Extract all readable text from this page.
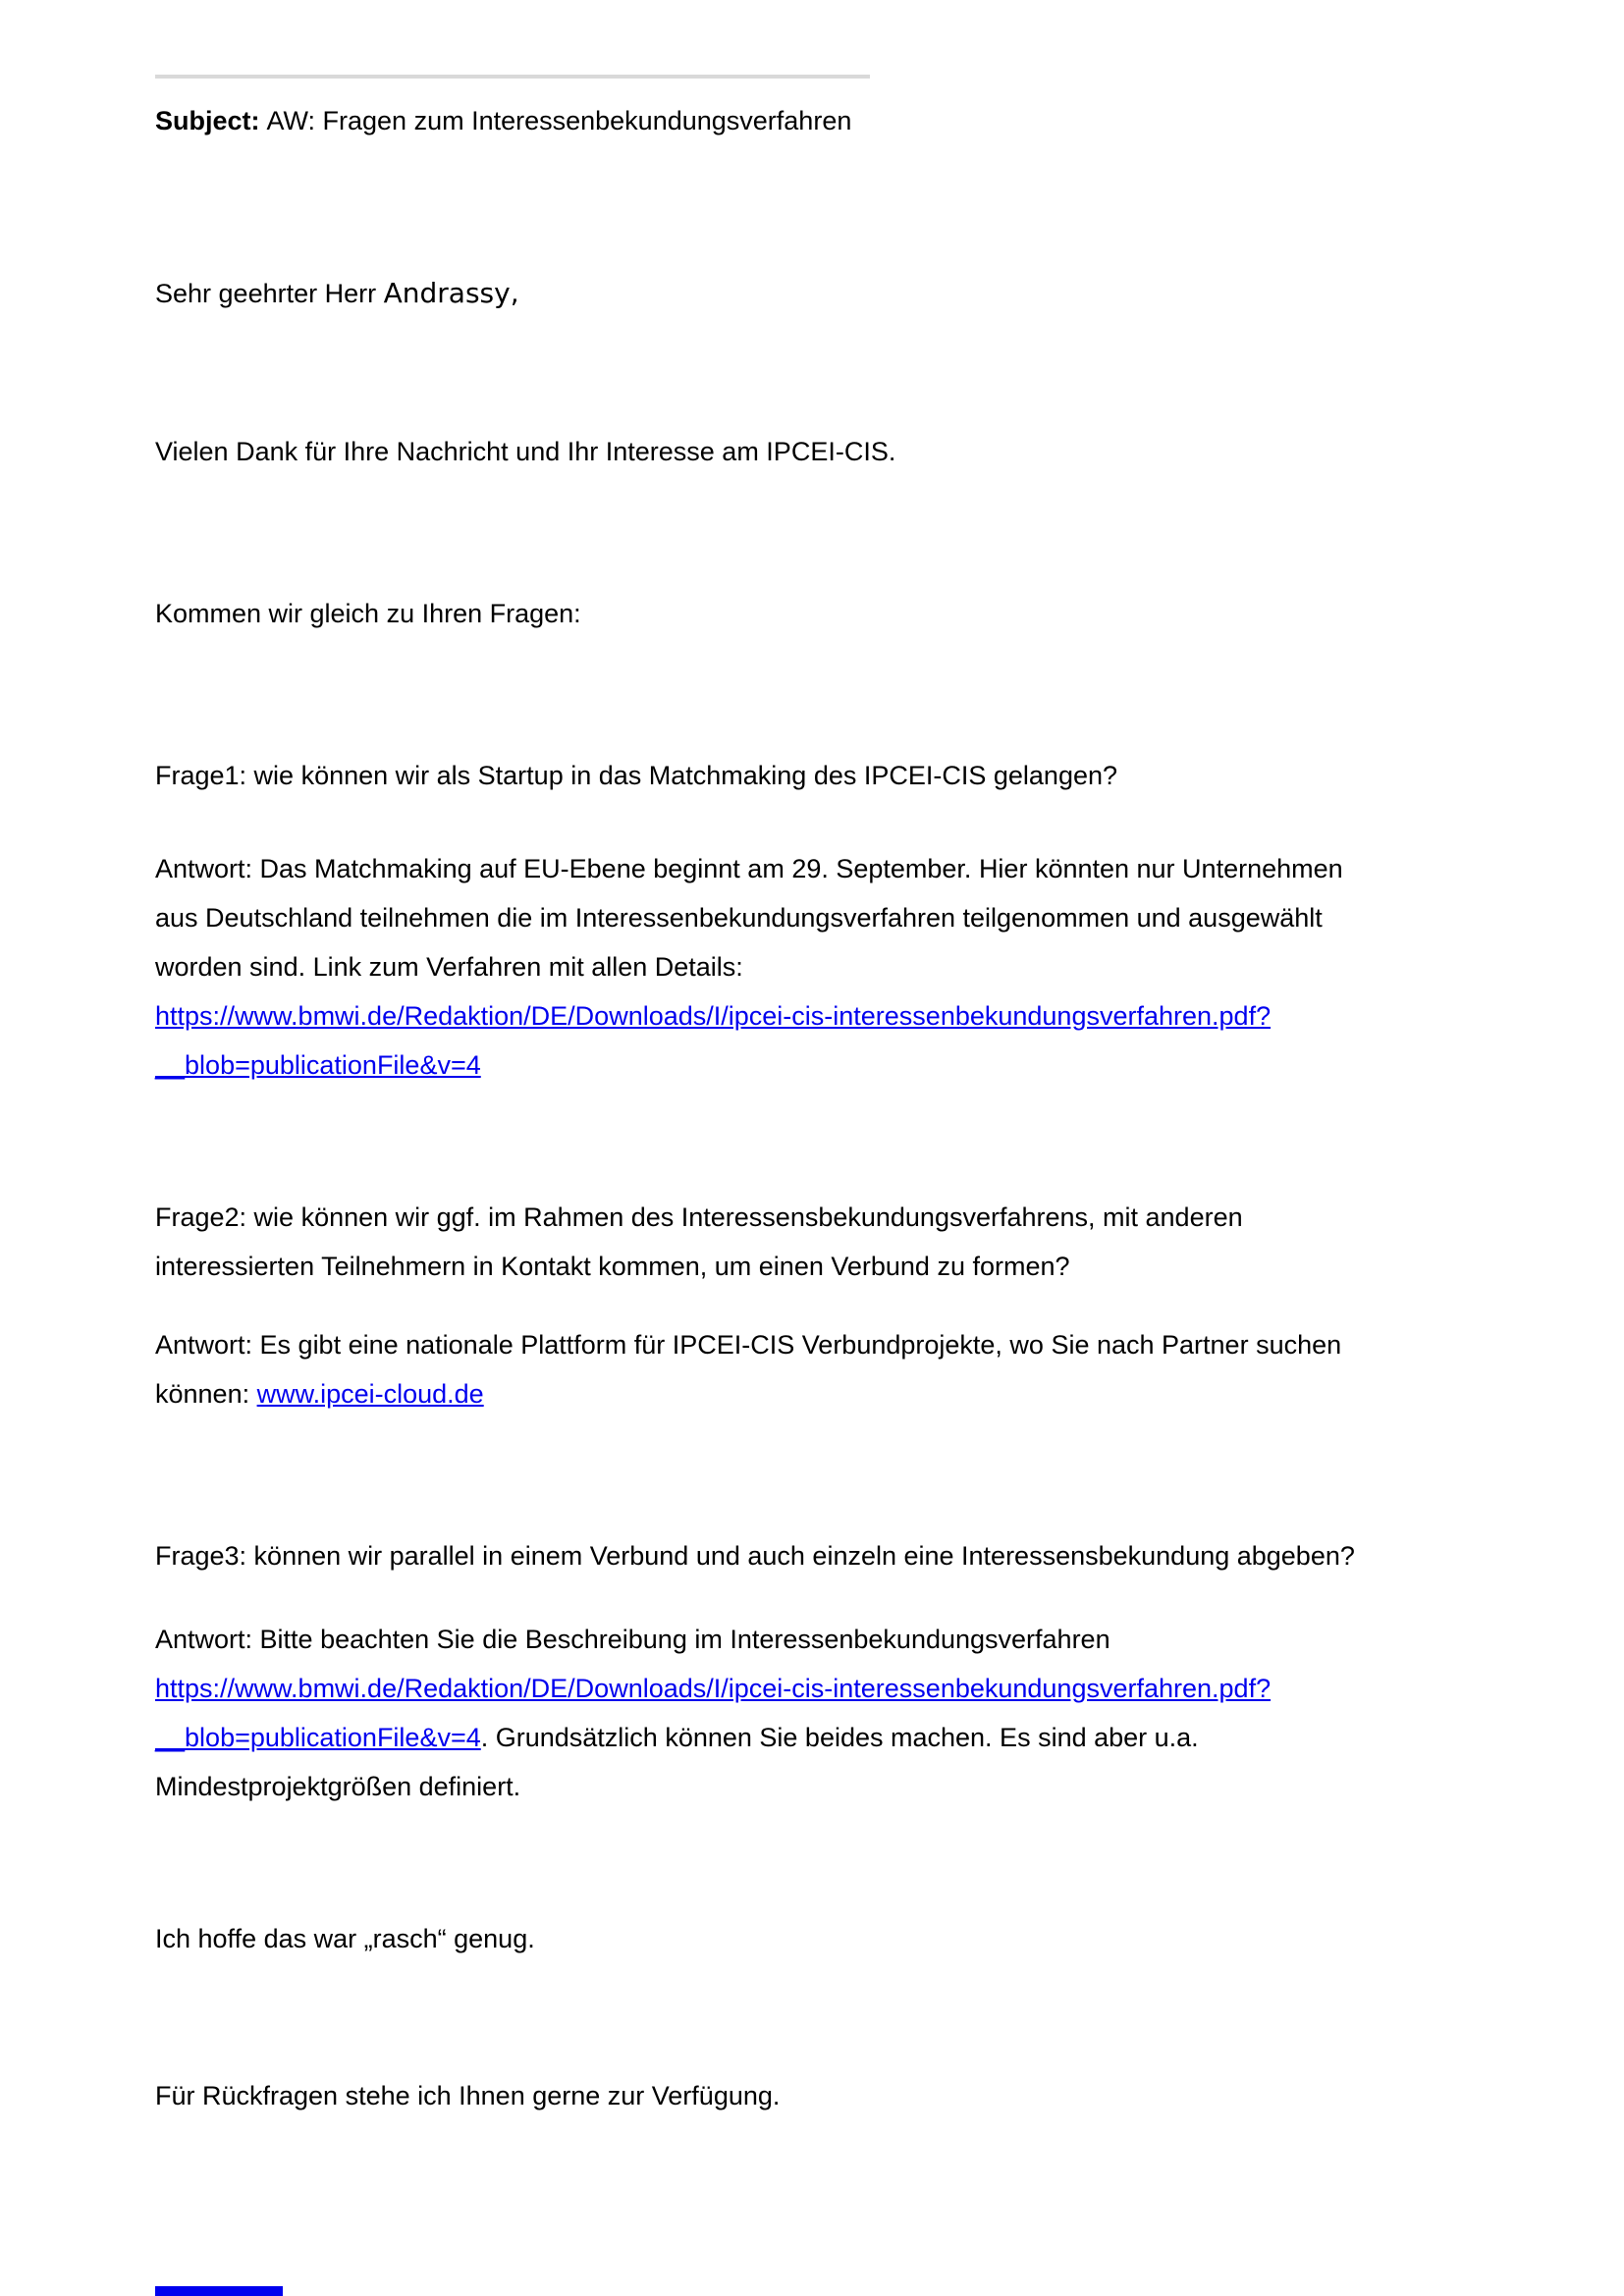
Subject: AW: Fragen zum Interessenbekundungsverfahren

Sehr geehrter Herr Andrassy,

Vielen Dank für Ihre Nachricht und Ihr Interesse am IPCEI-CIS.

Kommen wir gleich zu Ihren Fragen:

Frage1: wie können wir als Startup in das Matchmaking des IPCEI-CIS gelangen?

Antwort: Das Matchmaking auf EU-Ebene beginnt am 29. September. Hier könnten nur Unternehmen
aus Deutschland teilnehmen die im Interessenbekundungsverfahren teilgenommen und ausgewählt
worden sind. Link zum Verfahren mit allen Details:
https://www.bmwi.de/Redaktion/DE/Downloads/I/ipcei-cis-interessenbekundungsverfahren.pdf?
__blob=publicationFile&v=4

Frage2: wie können wir ggf. im Rahmen des Interessensbekundungsverfahrens, mit anderen
interessierten Teilnehmern in Kontakt kommen, um einen Verbund zu formen?

Antwort: Es gibt eine nationale Plattform für IPCEI-CIS Verbundprojekte, wo Sie nach Partner suchen
können: www.ipcei-cloud.de

Frage3: können wir parallel in einem Verbund und auch einzeln eine Interessensbekundung abgeben?

Antwort: Bitte beachten Sie die Beschreibung im Interessenbekundungsverfahren
https://www.bmwi.de/Redaktion/DE/Downloads/I/ipcei-cis-interessenbekundungsverfahren.pdf?
__blob=publicationFile&v=4. Grundsätzlich können Sie beides machen. Es sind aber u.a.
Mindestprojektgrößen definiert.

Ich hoffe das war „rasch“ genug.

Für Rückfragen stehe ich Ihnen gerne zur Verfügung.
